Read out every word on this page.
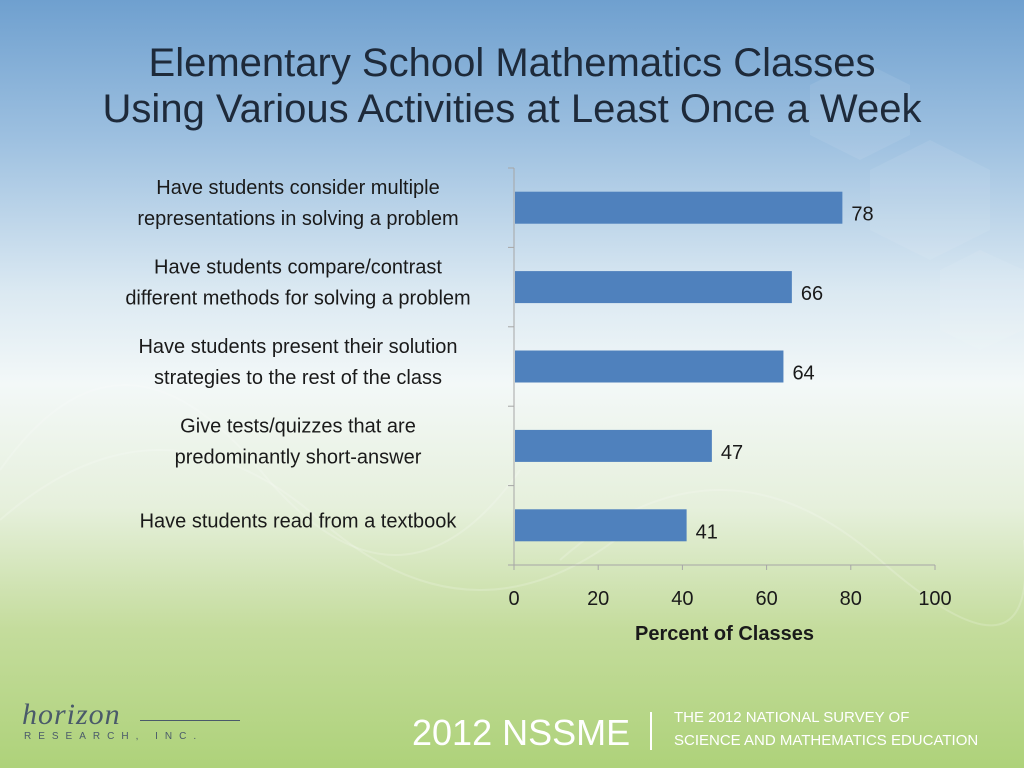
Elementary School Mathematics Classes
Using Various Activities at Least Once a Week
0	20	40	60	80	100
Percent of Classes
78
Have students consider multiple representations in solving a problem
66
Have students compare/contrast different methods for solving a problem
64
Have students present their solution strategies to the rest of the class
47
Give tests/quizzes that are predominantly short-answer
41
Have students read from a textbook
horizon
RESEARCH, INC.	2012 NSSME	THE 2012 NATIONAL SURVEY OF
SCIENCE AND MATHEMATICS EDUCATION
